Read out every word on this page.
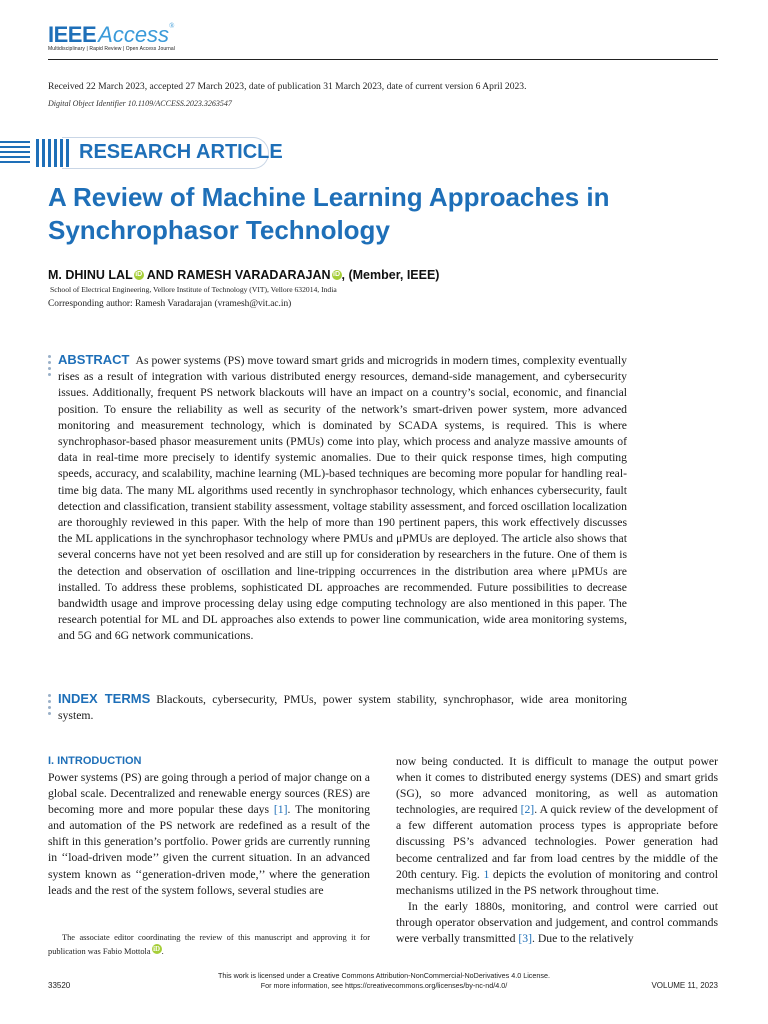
IEEEAccess®
Multidisciplinary | Rapid Review | Open Access Journal
Received 22 March 2023, accepted 27 March 2023, date of publication 31 March 2023, date of current version 6 April 2023.
Digital Object Identifier 10.1109/ACCESS.2023.3263547
RESEARCH ARTICLE
A Review of Machine Learning Approaches in Synchrophasor Technology
M. DHINU LAL iD AND RAMESH VARADARAJAN iD , (Member, IEEE)
School of Electrical Engineering, Vellore Institute of Technology (VIT), Vellore 632014, India
Corresponding author: Ramesh Varadarajan (vramesh@vit.ac.in)
ABSTRACT As power systems (PS) move toward smart grids and microgrids in modern times, complexity eventually rises as a result of integration with various distributed energy resources, demand-side management, and cybersecurity issues. Additionally, frequent PS network blackouts will have an impact on a country’s social, economic, and financial position. To ensure the reliability as well as security of the network’s smart-driven power system, more advanced monitoring and measurement technology, which is dominated by SCADA systems, is required. This is where synchrophasor-based phasor measurement units (PMUs) come into play, which process and analyze massive amounts of data in real-time more precisely to identify systemic anomalies. Due to their quick response times, high computing speeds, accuracy, and scalability, machine learning (ML)-based techniques are becoming more popular for handling real-time big data. The many ML algorithms used recently in synchrophasor technology, which enhances cybersecurity, fault detection and classification, transient stability assessment, voltage stability assessment, and forced oscillation localization are thoroughly reviewed in this paper. With the help of more than 190 pertinent papers, this work effectively discusses the ML applications in the synchrophasor technology where PMUs and μPMUs are deployed. The article also shows that several concerns have not yet been resolved and are still up for consideration by researchers in the future. One of them is the detection and observation of oscillation and line-tripping occurrences in the distribution area where μPMUs are installed. To address these problems, sophisticated DL approaches are recommended. Future possibilities to decrease bandwidth usage and improve processing delay using edge computing technology are also mentioned in this paper. The research potential for ML and DL approaches also extends to power line communication, wide area monitoring systems, and 5G and 6G network communications.
INDEX TERMS Blackouts, cybersecurity, PMUs, power system stability, synchrophasor, wide area monitoring system.
I. INTRODUCTION
Power systems (PS) are going through a period of major change on a global scale. Decentralized and renewable energy sources (RES) are becoming more and more popular these days [1]. The monitoring and automation of the PS network are redefined as a result of the shift in this generation’s portfolio. Power grids are currently running in ‘‘load-driven mode’’ given the current situation. In an advanced system known as ‘‘generation-driven mode,’’ where the generation leads and the rest of the system follows, several studies are
The associate editor coordinating the review of this manuscript and approving it for publication was Fabio Mottola iD .
now being conducted. It is difficult to manage the output power when it comes to distributed energy systems (DES) and smart grids (SG), so more advanced monitoring, as well as automation technologies, are required [2]. A quick review of the development of a few different automation process types is appropriate before discussing PS’s advanced technologies. Power generation had become centralized and far from load centres by the middle of the 20th century. Fig. 1 depicts the evolution of monitoring and control mechanisms utilized in the PS network throughout time.
In the early 1880s, monitoring, and control were carried out through operator observation and judgement, and control commands were verbally transmitted [3]. Due to the relatively
This work is licensed under a Creative Commons Attribution-NonCommercial-NoDerivatives 4.0 License.
For more information, see https://creativecommons.org/licenses/by-nc-nd/4.0/
33520	VOLUME 11, 2023
